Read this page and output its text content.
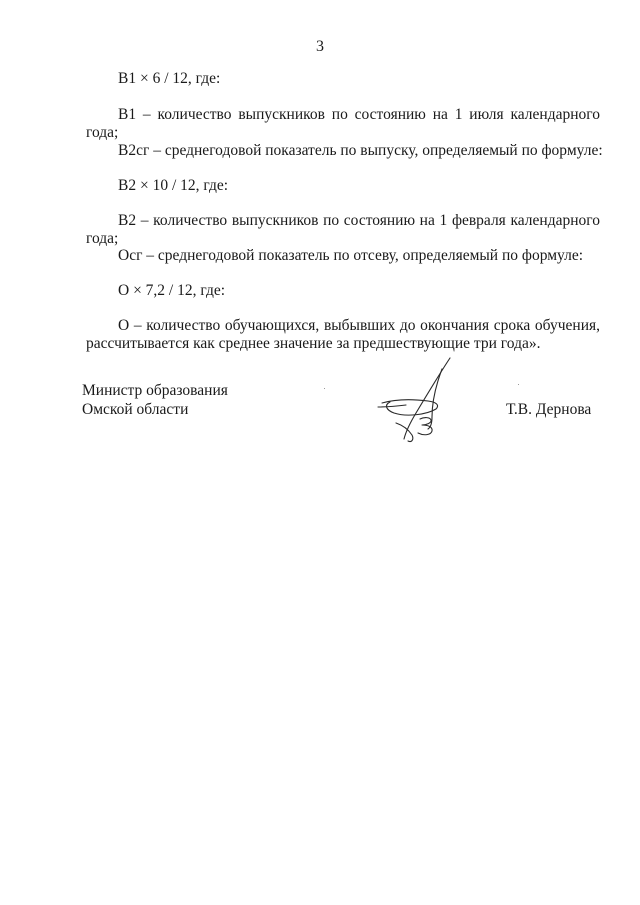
3
В1 × 6 / 12, где:
В1 – количество выпускников по состоянию на 1 июля календарного
года;
В2сг – среднегодовой показатель по выпуску, определяемый по формуле:
В2 × 10 / 12, где:
В2 – количество выпускников по состоянию на 1 февраля календарного
года;
Осг – среднегодовой показатель по отсеву, определяемый по формуле:
О × 7,2 / 12, где:
О – количество обучающихся, выбывших до окончания срока обучения,
рассчитывается как среднее значение за предшествующие три года».
Министр образования
Омской области	Т.В. Дернова
